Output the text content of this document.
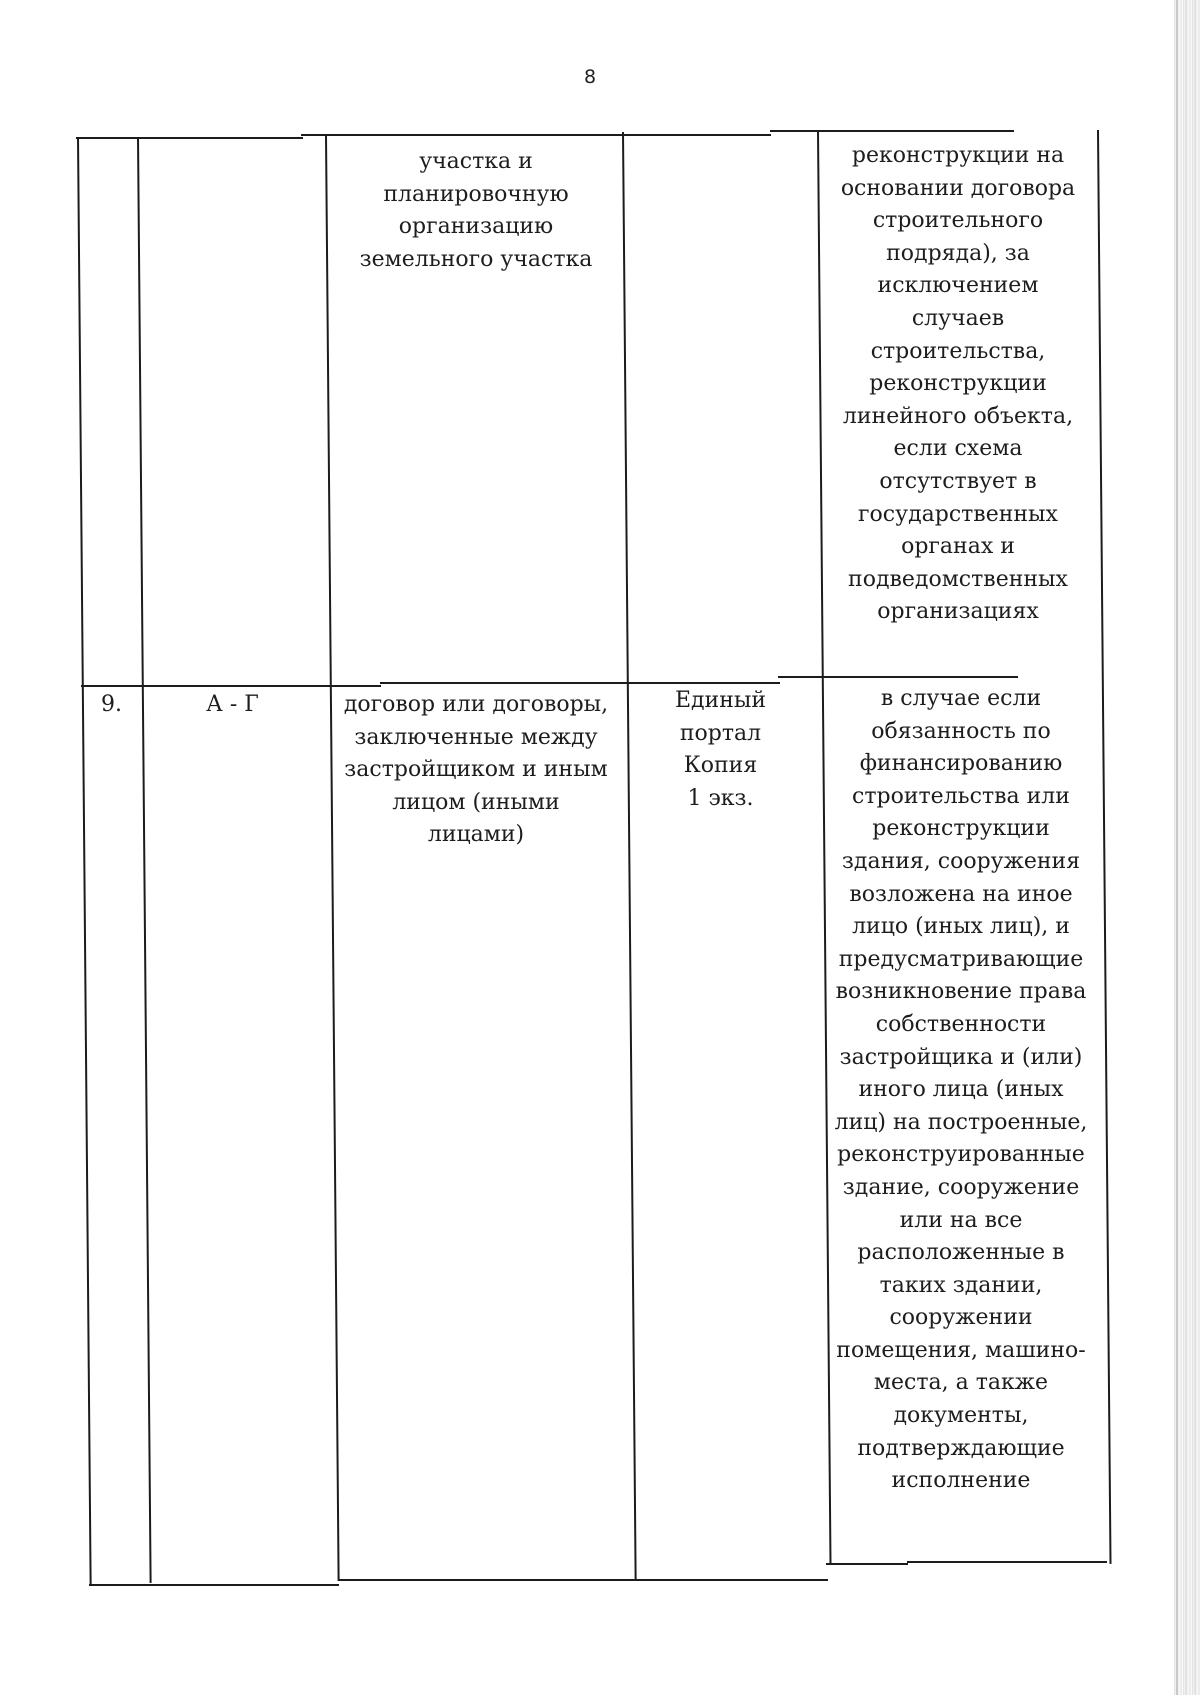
8
участка и
планировочную
организацию
земельного участка
реконструкции на
основании договора
строительного
подряда), за
исключением
случаев
строительства,
реконструкции
линейного объекта,
если схема
отсутствует в
государственных
органах и
подведомственных
организациях
9.	А - Г	договор или договоры,
заключенные между
застройщиком и иным
лицом (иными
лицами)
Единый
портал
Копия
1 экз.
в случае если
обязанность по
финансированию
строительства или
реконструкции
здания, сооружения
возложена на иное
лицо (иных лиц), и
предусматривающие
возникновение права
собственности
застройщика и (или)
иного лица (иных
лиц) на построенные,
реконструированные
здание, сооружение
или на все
расположенные в
таких здании,
сооружении
помещения, машино-
места, а также
документы,
подтверждающие
исполнение
